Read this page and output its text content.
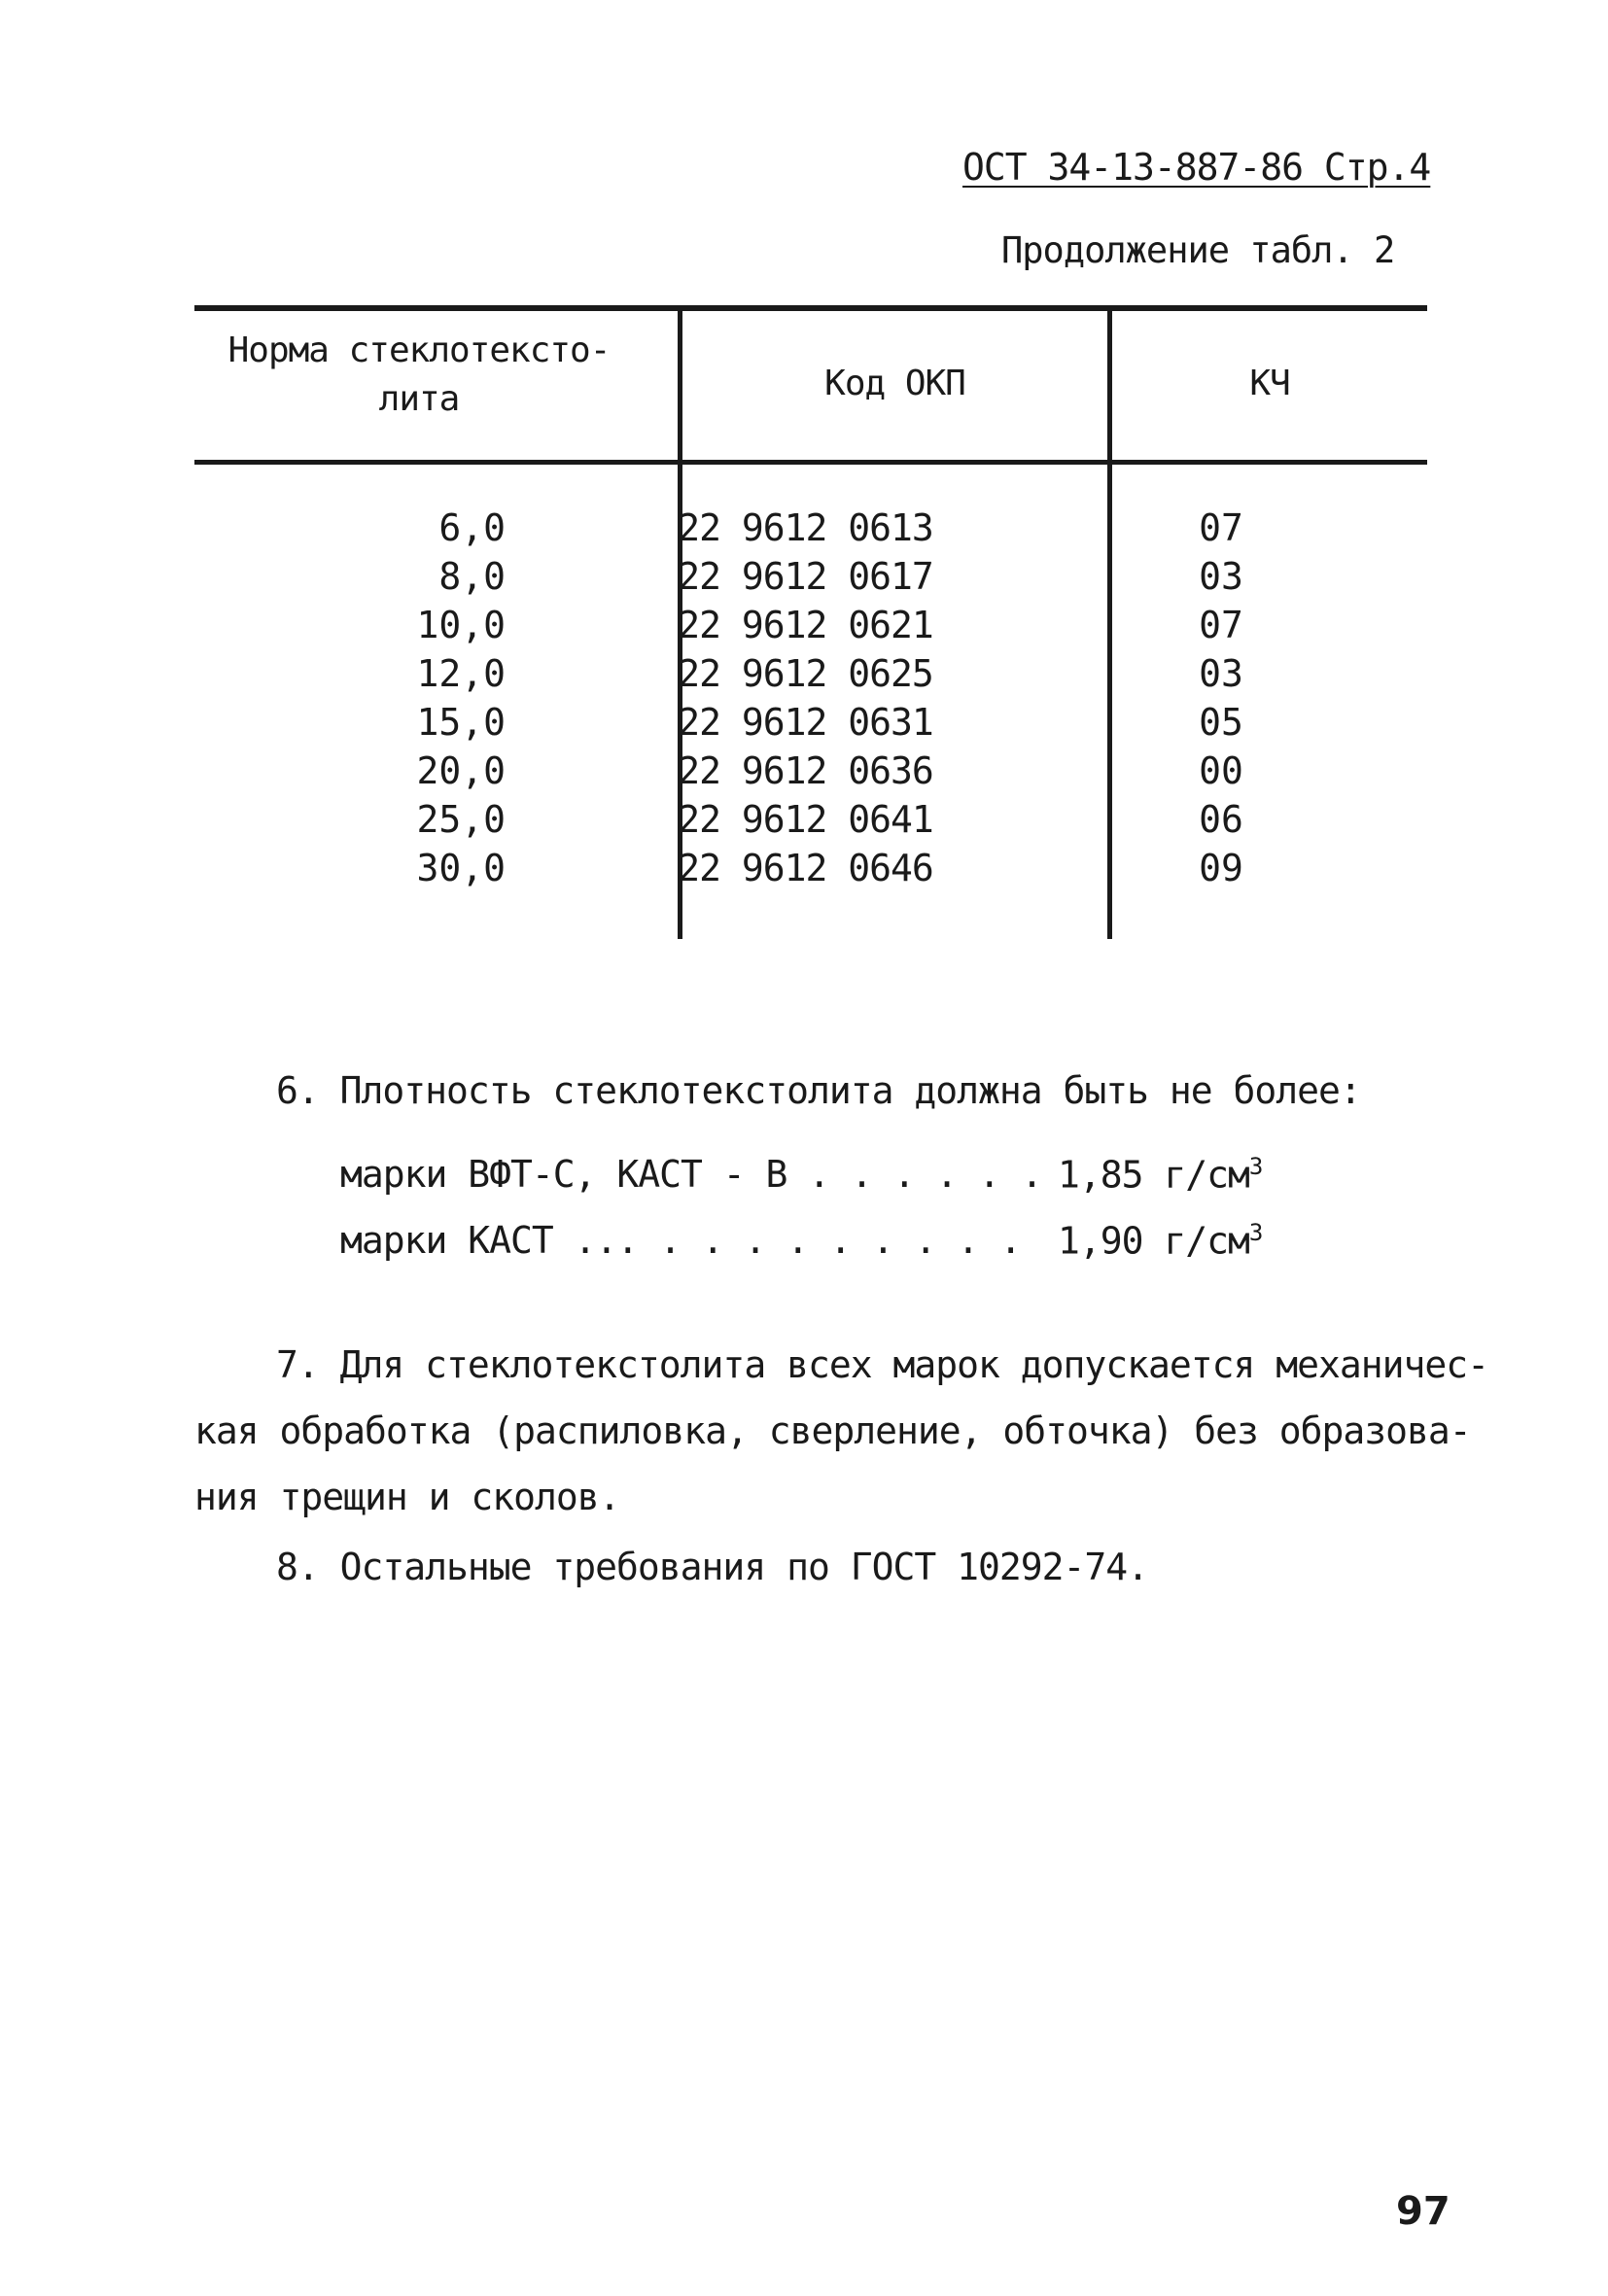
ОСТ 34-13-887-86 Стр.4
Продолжение табл. 2
Норма стеклотексто-
лита	Код ОКП	КЧ
6,0	22 9612 0613	07
8,0	22 9612 0617	03
10,0	22 9612 0621	07
12,0	22 9612 0625	03
15,0	22 9612 0631	05
20,0	22 9612 0636	00
25,0	22 9612 0641	06
30,0	22 9612 0646	09
6. Плотность стеклотекстолита должна быть не более:
марки ВФТ-С, КАСТ - В . . . . . . 1,85 $г/см^3$
марки КАСТ ... . . . . . . . . . 1,90 $г/см^3$
7. Для стеклотекстолита всех марок допускается механичес-
кая обработка (распиловка, сверление, обточка) без образова-
ния трещин и сколов.
8. Остальные требования по ГОСТ 10292-74.
97
